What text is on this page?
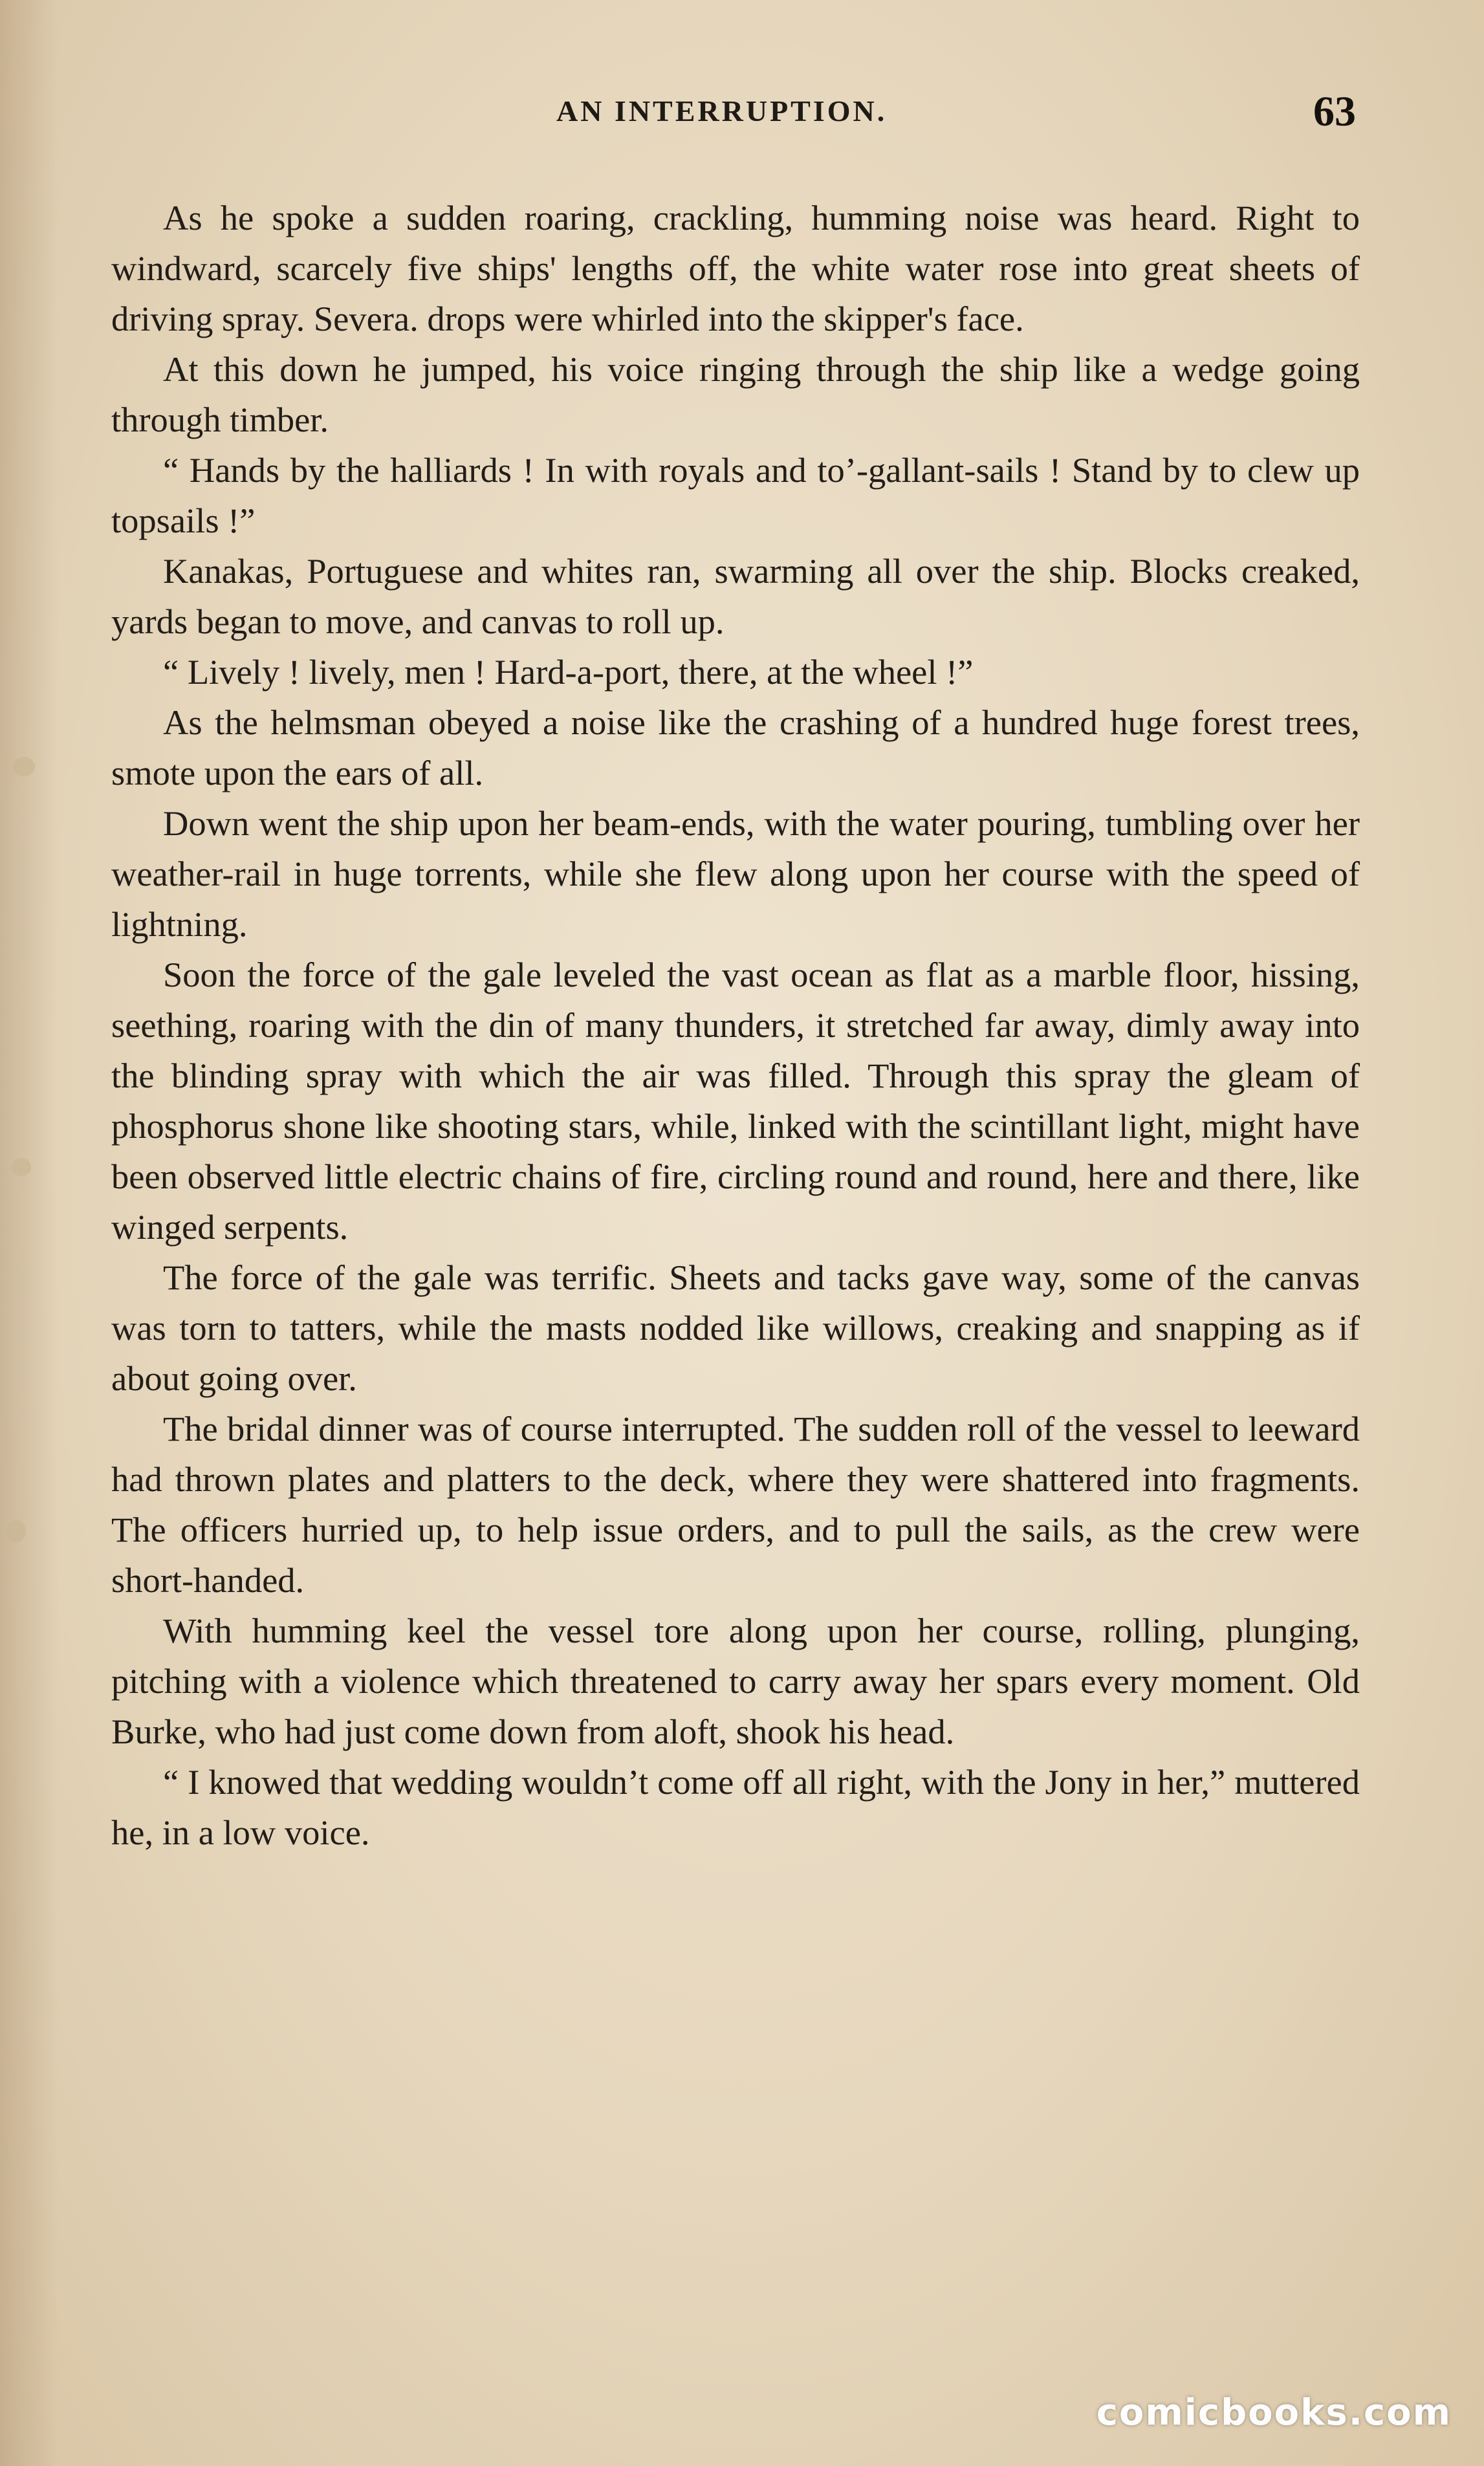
AN INTERRUPTION.	63

As he spoke a sudden roaring, crackling, humming noise was heard. Right to windward, scarcely five ships' lengths off, the white water rose into great sheets of driving spray. Severa. drops were whirled into the skipper's face.

At this down he jumped, his voice ringing through the ship like a wedge going through timber.

“ Hands by the halliards ! In with royals and to’-gallant-sails ! Stand by to clew up topsails !”

Kanakas, Portuguese and whites ran, swarming all over the ship. Blocks creaked, yards began to move, and canvas to roll up.

“ Lively ! lively, men ! Hard-a-port, there, at the wheel !”

As the helmsman obeyed a noise like the crashing of a hundred huge forest trees, smote upon the ears of all.

Down went the ship upon her beam-ends, with the water pouring, tumbling over her weather-rail in huge torrents, while she flew along upon her course with the speed of lightning.

Soon the force of the gale leveled the vast ocean as flat as a marble floor, hissing, seething, roaring with the din of many thunders, it stretched far away, dimly away into the blinding spray with which the air was filled. Through this spray the gleam of phosphorus shone like shooting stars, while, linked with the scintillant light, might have been observed little electric chains of fire, circling round and round, here and there, like winged serpents.

The force of the gale was terrific. Sheets and tacks gave way, some of the canvas was torn to tatters, while the masts nodded like willows, creaking and snapping as if about going over.

The bridal dinner was of course interrupted. The sudden roll of the vessel to leeward had thrown plates and platters to the deck, where they were shattered into fragments. The officers hurried up, to help issue orders, and to pull the sails, as the crew were short-handed.

With humming keel the vessel tore along upon her course, rolling, plunging, pitching with a violence which threatened to carry away her spars every moment. Old Burke, who had just come down from aloft, shook his head.

“ I knowed that wedding wouldn’t come off all right, with the Jony in her,” muttered he, in a low voice.

comicbooks.com
